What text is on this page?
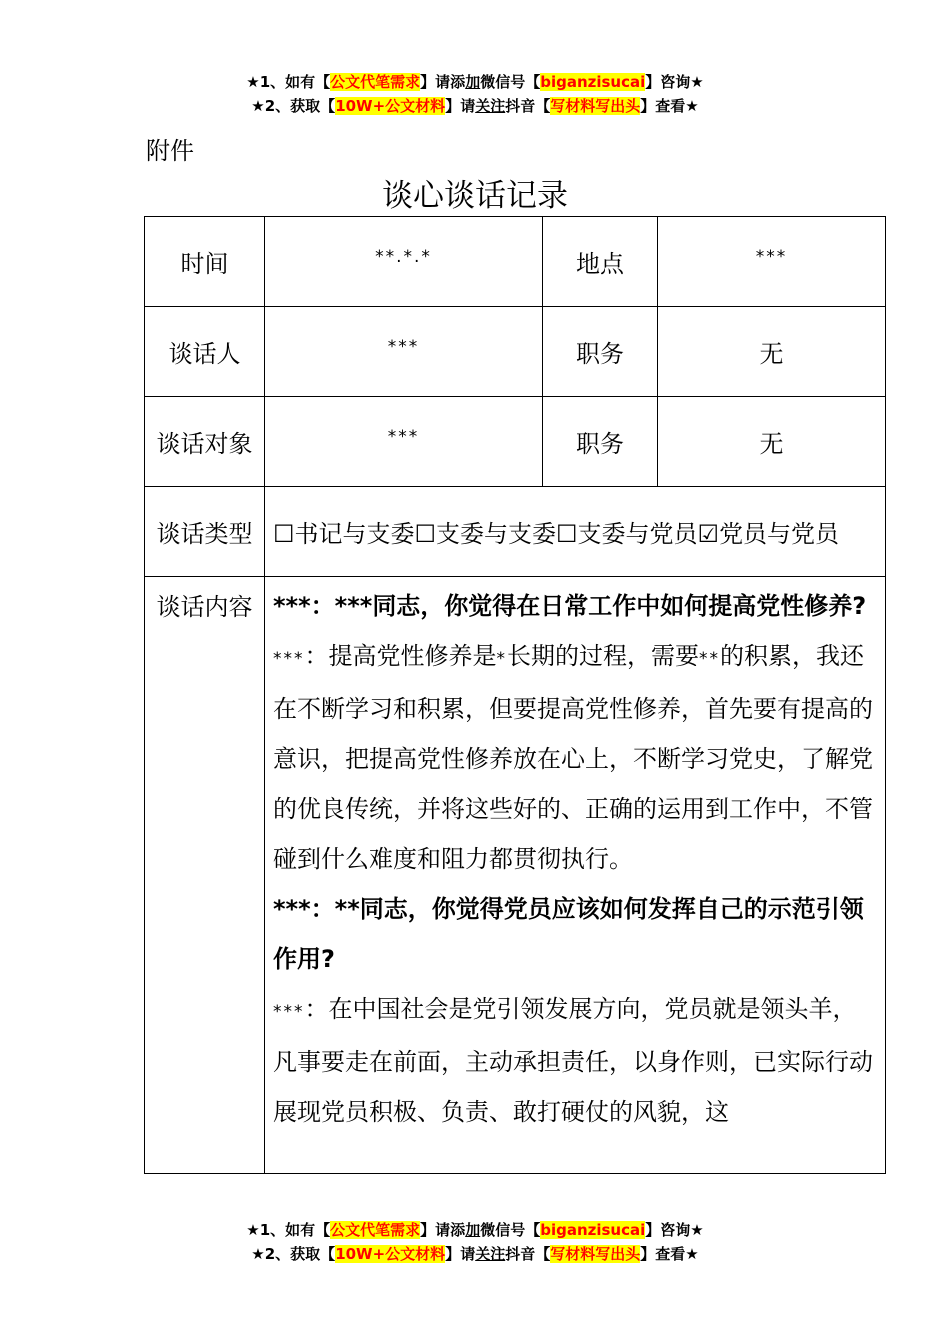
★1、如有【公文代笔需求】请添加微信号【biganzisucai】咨询★
★2、获取【10W+公文材料】请关注抖音【写材料写出头】查看★
附件
谈心谈话记录
时间	**.*.*	地点	***
谈话人	***	职务	无
谈话对象	***	职务	无
谈话类型	☐书记与支委☐支委与支委☐支委与党员☑党员与党员		
谈话内容	***：***同志，你觉得在日常工作中如何提高党性修养?
***：提高党性修养是*长期的过程，需要**的积累，我还在不断学习和积累，但要提高党性修养，首先要有提高的意识，把提高党性修养放在心上，不断学习党史，了解党的优良传统，并将这些好的、正确的运用到工作中，不管碰到什么难度和阻力都贯彻执行。
***：**同志，你觉得党员应该如何发挥自己的示范引领作用?
***：在中国社会是党引领发展方向，党员就是领头羊，凡事要走在前面，主动承担责任，以身作则，已实际行动展现党员积极、负责、敢打硬仗的风貌，这		
★1、如有【公文代笔需求】请添加微信号【biganzisucai】咨询★
★2、获取【10W+公文材料】请关注抖音【写材料写出头】查看★
